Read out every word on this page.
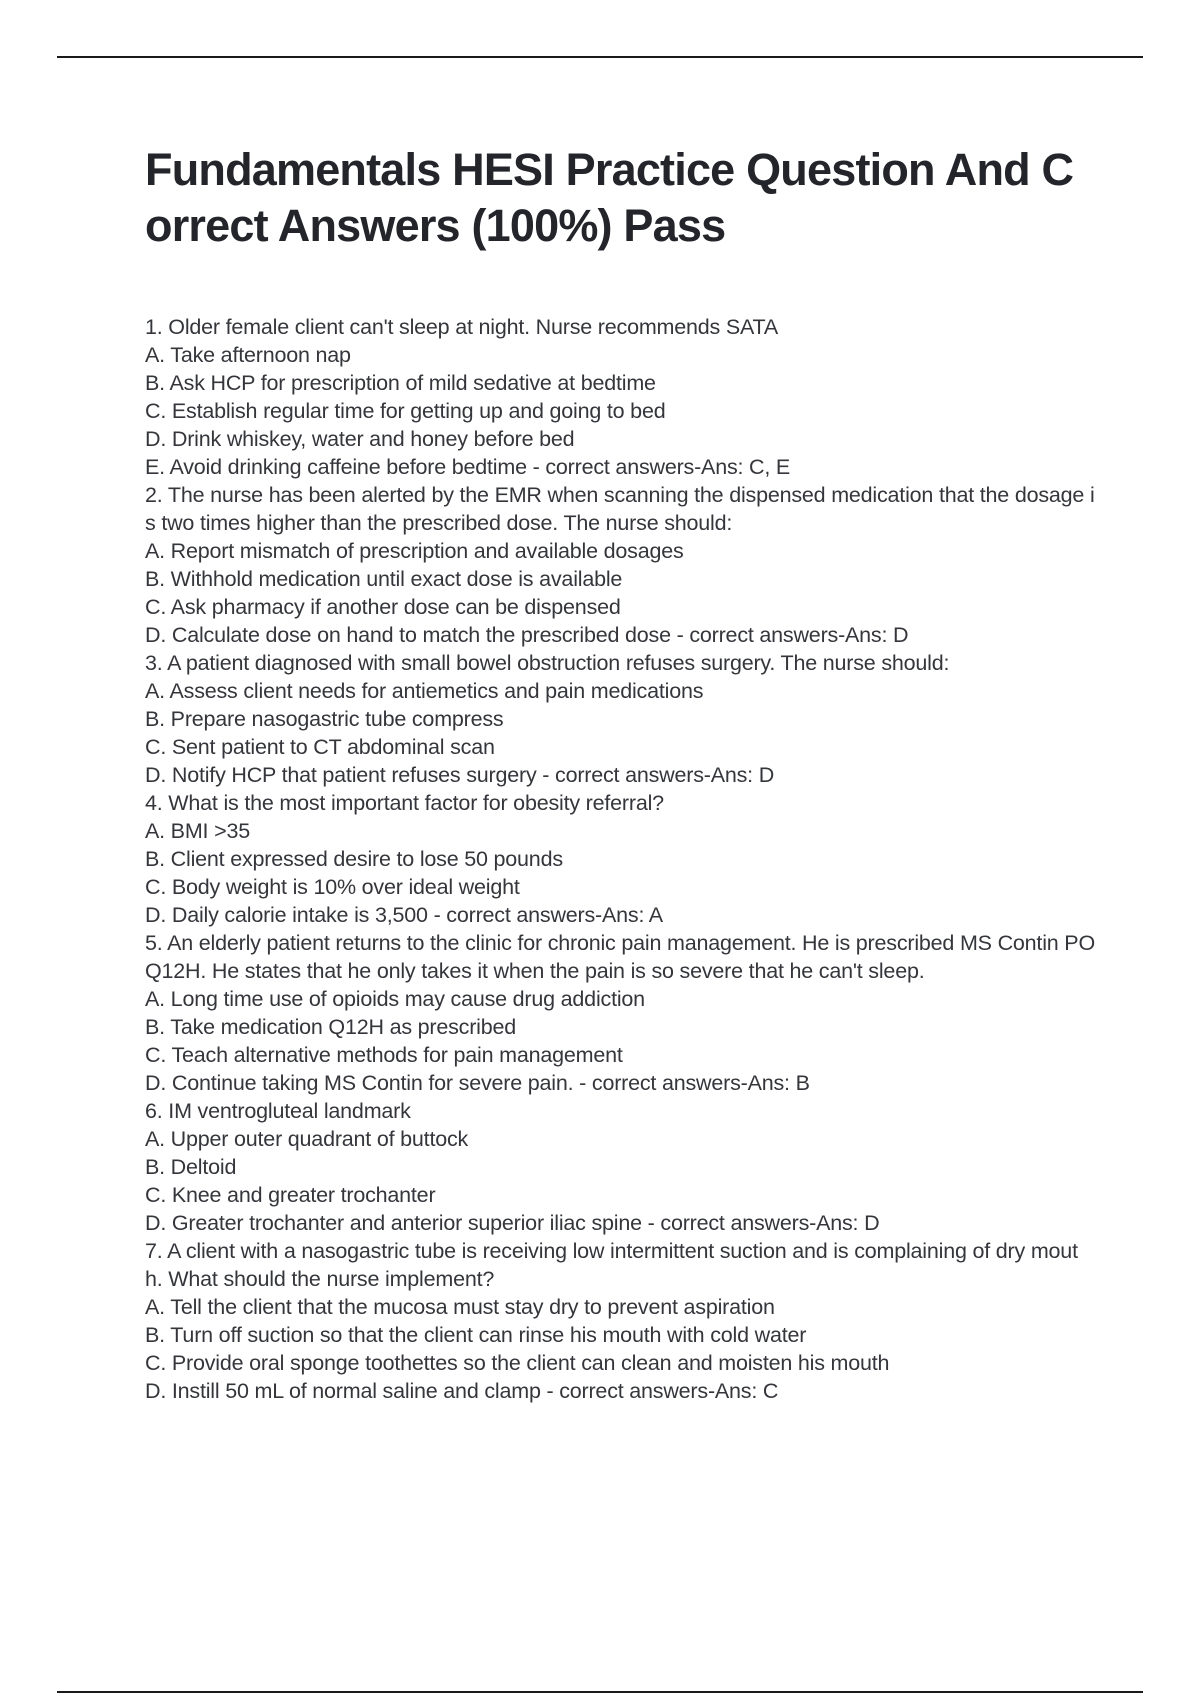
Fundamentals HESI Practice Question And Correct Answers (100%) Pass
1. Older female client can't sleep at night. Nurse recommends SATA
A. Take afternoon nap
B. Ask HCP for prescription of mild sedative at bedtime
C. Establish regular time for getting up and going to bed
D. Drink whiskey, water and honey before bed
E. Avoid drinking caffeine before bedtime - correct answers-Ans: C, E
2. The nurse has been alerted by the EMR when scanning the dispensed medication that the dosage is two times higher than the prescribed dose. The nurse should:
A. Report mismatch of prescription and available dosages
B. Withhold medication until exact dose is available
C. Ask pharmacy if another dose can be dispensed
D. Calculate dose on hand to match the prescribed dose - correct answers-Ans: D
3. A patient diagnosed with small bowel obstruction refuses surgery. The nurse should:
A. Assess client needs for antiemetics and pain medications
B. Prepare nasogastric tube compress
C. Sent patient to CT abdominal scan
D. Notify HCP that patient refuses surgery - correct answers-Ans: D
4. What is the most important factor for obesity referral?
A. BMI >35
B. Client expressed desire to lose 50 pounds
C. Body weight is 10% over ideal weight
D. Daily calorie intake is 3,500 - correct answers-Ans: A
5. An elderly patient returns to the clinic for chronic pain management. He is prescribed MS Contin PO Q12H. He states that he only takes it when the pain is so severe that he can't sleep.
A. Long time use of opioids may cause drug addiction
B. Take medication Q12H as prescribed
C. Teach alternative methods for pain management
D. Continue taking MS Contin for severe pain. - correct answers-Ans: B
6. IM ventrogluteal landmark
A. Upper outer quadrant of buttock
B. Deltoid
C. Knee and greater trochanter
D. Greater trochanter and anterior superior iliac spine - correct answers-Ans: D
7. A client with a nasogastric tube is receiving low intermittent suction and is complaining of dry mouth. What should the nurse implement?
A. Tell the client that the mucosa must stay dry to prevent aspiration
B. Turn off suction so that the client can rinse his mouth with cold water
C. Provide oral sponge toothettes so the client can clean and moisten his mouth
D. Instill 50 mL of normal saline and clamp - correct answers-Ans: C
